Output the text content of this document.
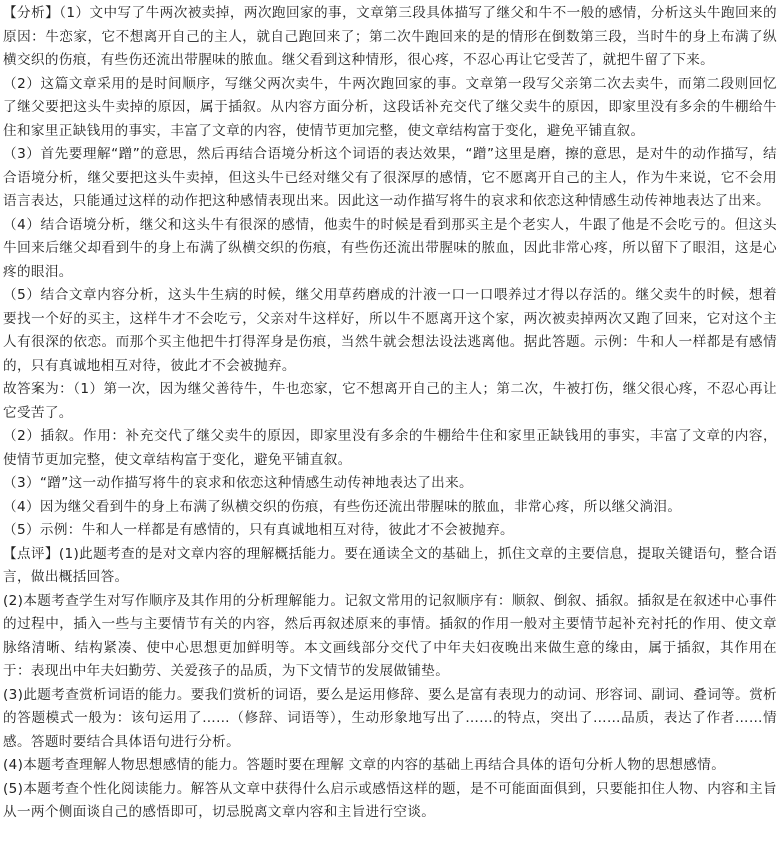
【分析】（1）文中写了牛两次被卖掉，两次跑回家的事，文章第三段具体描写了继父和牛不一般的感情，分析这头牛跑回来的原因：牛恋家，它不想离开自己的主人，就自己跑回来了；第二次牛跑回来的是的情形在倒数第三段，当时牛的身上布满了纵横交织的伤痕，有些伤还流出带腥味的脓血。继父看到这种情形，很心疼，不忍心再让它受苦了，就把牛留了下来。

（2）这篇文章采用的是时间顺序，写继父两次卖牛，牛两次跑回家的事。文章第一段写父亲第二次去卖牛，而第二段则回忆了继父要把这头牛卖掉的原因，属于插叙。从内容方面分析，这段话补充交代了继父卖牛的原因，即家里没有多余的牛棚给牛住和家里正缺钱用的事实，丰富了文章的内容，使情节更加完整，使文章结构富于变化，避免平铺直叙。

（3）首先要理解“蹭”的意思，然后再结合语境分析这个词语的表达效果，“蹭”这里是磨，擦的意思，是对牛的动作描写，结合语境分析，继父要把这头牛卖掉，但这头牛已经对继父有了很深厚的感情，它不愿离开自己的主人，作为牛来说，它不会用语言表达，只能通过这样的动作把这种感情表现出来。因此这一动作描写将牛的哀求和依恋这种情感生动传神地表达了出来。

（4）结合语境分析，继父和这头牛有很深的感情，他卖牛的时候是看到那买主是个老实人，牛跟了他是不会吃亏的。但这头牛回来后继父却看到牛的身上布满了纵横交织的伤痕，有些伤还流出带腥味的脓血，因此非常心疼，所以留下了眼泪，这是心疼的眼泪。

（5）结合文章内容分析，这头牛生病的时候，继父用草药磨成的汁液一口一口喂养过才得以存活的。继父卖牛的时候，想着要找一个好的买主，这样牛才不会吃亏，父亲对牛这样好，所以牛不愿离开这个家，两次被卖掉两次又跑了回来，它对这个主人有很深的依恋。而那个买主他把牛打得浑身是伤痕，当然牛就会想法设法逃离他。据此答题。示例：牛和人一样都是有感情的，只有真诚地相互对待，彼此才不会被抛弃。

故答案为：（1）第一次，因为继父善待牛，牛也恋家，它不想离开自己的主人；第二次，牛被打伤，继父很心疼，不忍心再让它受苦了。

（2）插叙。作用：补充交代了继父卖牛的原因，即家里没有多余的牛棚给牛住和家里正缺钱用的事实，丰富了文章的内容，使情节更加完整，使文章结构富于变化，避免平铺直叙。

（3）“蹭”这一动作描写将牛的哀求和依恋这种情感生动传神地表达了出来。

（4）因为继父看到牛的身上布满了纵横交织的伤痕，有些伤还流出带腥味的脓血，非常心疼，所以继父淌泪。

（5）示例：牛和人一样都是有感情的，只有真诚地相互对待，彼此才不会被抛弃。

【点评】(1)此题考查的是对文章内容的理解概括能力。要在通读全文的基础上，抓住文章的主要信息，提取关键语句，整合语言，做出概括回答。

(2)本题考查学生对写作顺序及其作用的分析理解能力。记叙文常用的记叙顺序有：顺叙、倒叙、插叙。插叙是在叙述中心事件的过程中，插入一些与主要情节有关的内容，然后再叙述原来的事情。插叙的作用一般对主要情节起补充衬托的作用、使文章脉络清晰、结构紧凑、使中心思想更加鲜明等。本文画线部分交代了中年夫妇夜晚出来做生意的缘由，属于插叙，其作用在于：表现出中年夫妇勤劳、关爱孩子的品质，为下文情节的发展做铺垫。

(3)此题考查赏析词语的能力。要我们赏析的词语，要么是运用修辞、要么是富有表现力的动词、形容词、副词、叠词等。赏析的答题模式一般为：该句运用了……（修辞、词语等），生动形象地写出了……的特点，突出了……品质，表达了作者……情感。答题时要结合具体语句进行分析。

(4)本题考查理解人物思想感情的能力。答题时要在理解 文章的内容的基础上再结合具体的语句分析人物的思想感情。

(5)本题考查个性化阅读能力。解答从文章中获得什么启示或感悟这样的题，是不可能面面俱到，只要能扣住人物、内容和主旨从一两个侧面谈自己的感悟即可，切忌脱离文章内容和主旨进行空谈。
